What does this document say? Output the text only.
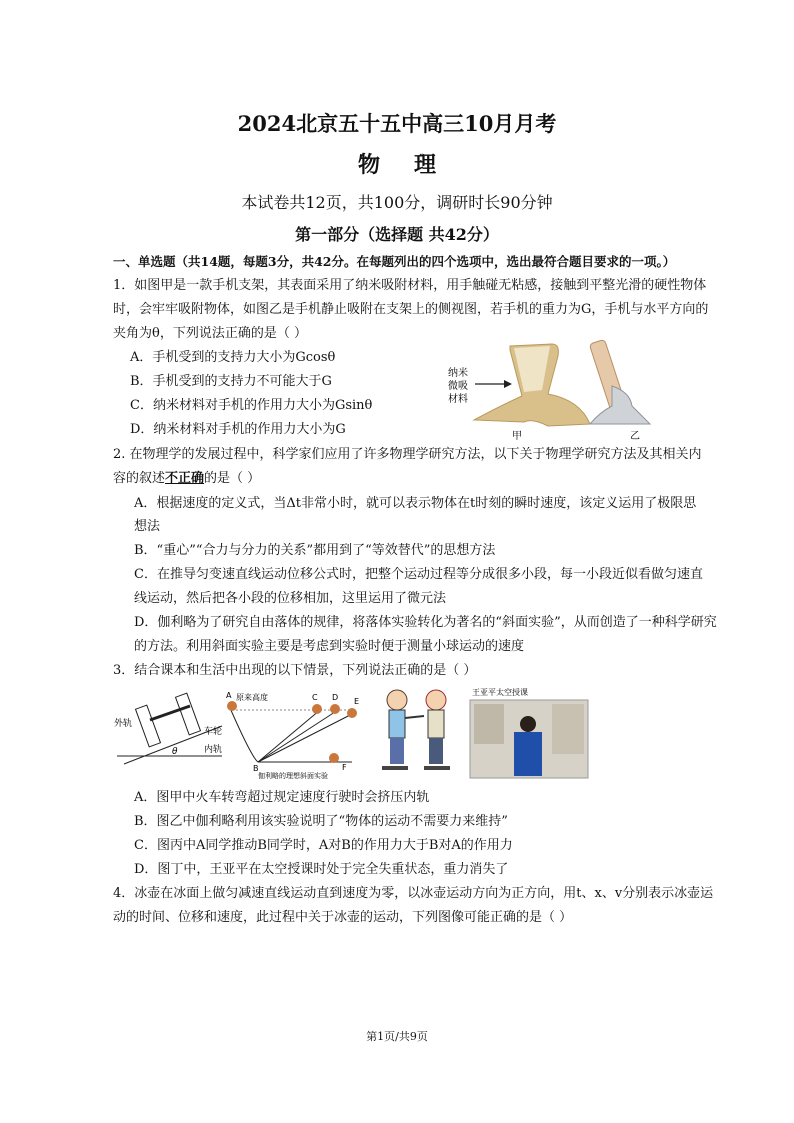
2024北京五十五中高三10月月考
物理
本试卷共12页，共100分，调研时长90分钟
第一部分（选择题 共42分）
一、单选题（共14题，每题3分，共42分。在每题列出的四个选项中，选出最符合题目要求的一项。）
1．如图甲是一款手机支架，其表面采用了纳米吸附材料，用手触碰无粘感，接触到平整光滑的硬性物体
时，会牢牢吸附物体，如图乙是手机静止吸附在支架上的侧视图，若手机的重力为G，手机与水平方向的
夹角为θ，下列说法正确的是（ ）
A．手机受到的支持力大小为Gcosθ
B．手机受到的支持力不可能大于G
C．纳米材料对手机的作用力大小为Gsinθ
D．纳米材料对手机的作用力大小为G
纳米
微吸
材料
甲	乙
2. 在物理学的发展过程中，科学家们应用了许多物理学研究方法，以下关于物理学研究方法及其相关内
容的叙述不正确的是（ ）
A．根据速度的定义式，当Δt非常小时，就可以表示物体在t时刻的瞬时速度，该定义运用了极限思
想法
B．“重心”“合力与分力的关系”都用到了“等效替代”的思想方法
C．在推导匀变速直线运动位移公式时，把整个运动过程等分成很多小段，每一小段近似看做匀速直
线运动，然后把各小段的位移相加，这里运用了微元法
D．伽利略为了研究自由落体的规律，将落体实验转化为著名的“斜面实验”，从而创造了一种科学研究
的方法。利用斜面实验主要是考虑到实验时便于测量小球运动的速度
3．结合课本和生活中出现的以下情景，下列说法正确的是（ ）
外轨
车轮
内轨
θ
A 原来高度	C D E
B	F
伽利略的理想斜面实验
王亚平太空授课
A．图甲中火车转弯超过规定速度行驶时会挤压内轨
B．图乙中伽利略利用该实验说明了“物体的运动不需要力来维持”
C．图丙中A同学推动B同学时，A对B的作用力大于B对A的作用力
D．图丁中，王亚平在太空授课时处于完全失重状态，重力消失了
4．冰壶在冰面上做匀减速直线运动直到速度为零，以冰壶运动方向为正方向，用t、x、v分别表示冰壶运
动的时间、位移和速度，此过程中关于冰壶的运动，下列图像可能正确的是（ ）
第1页/共9页
